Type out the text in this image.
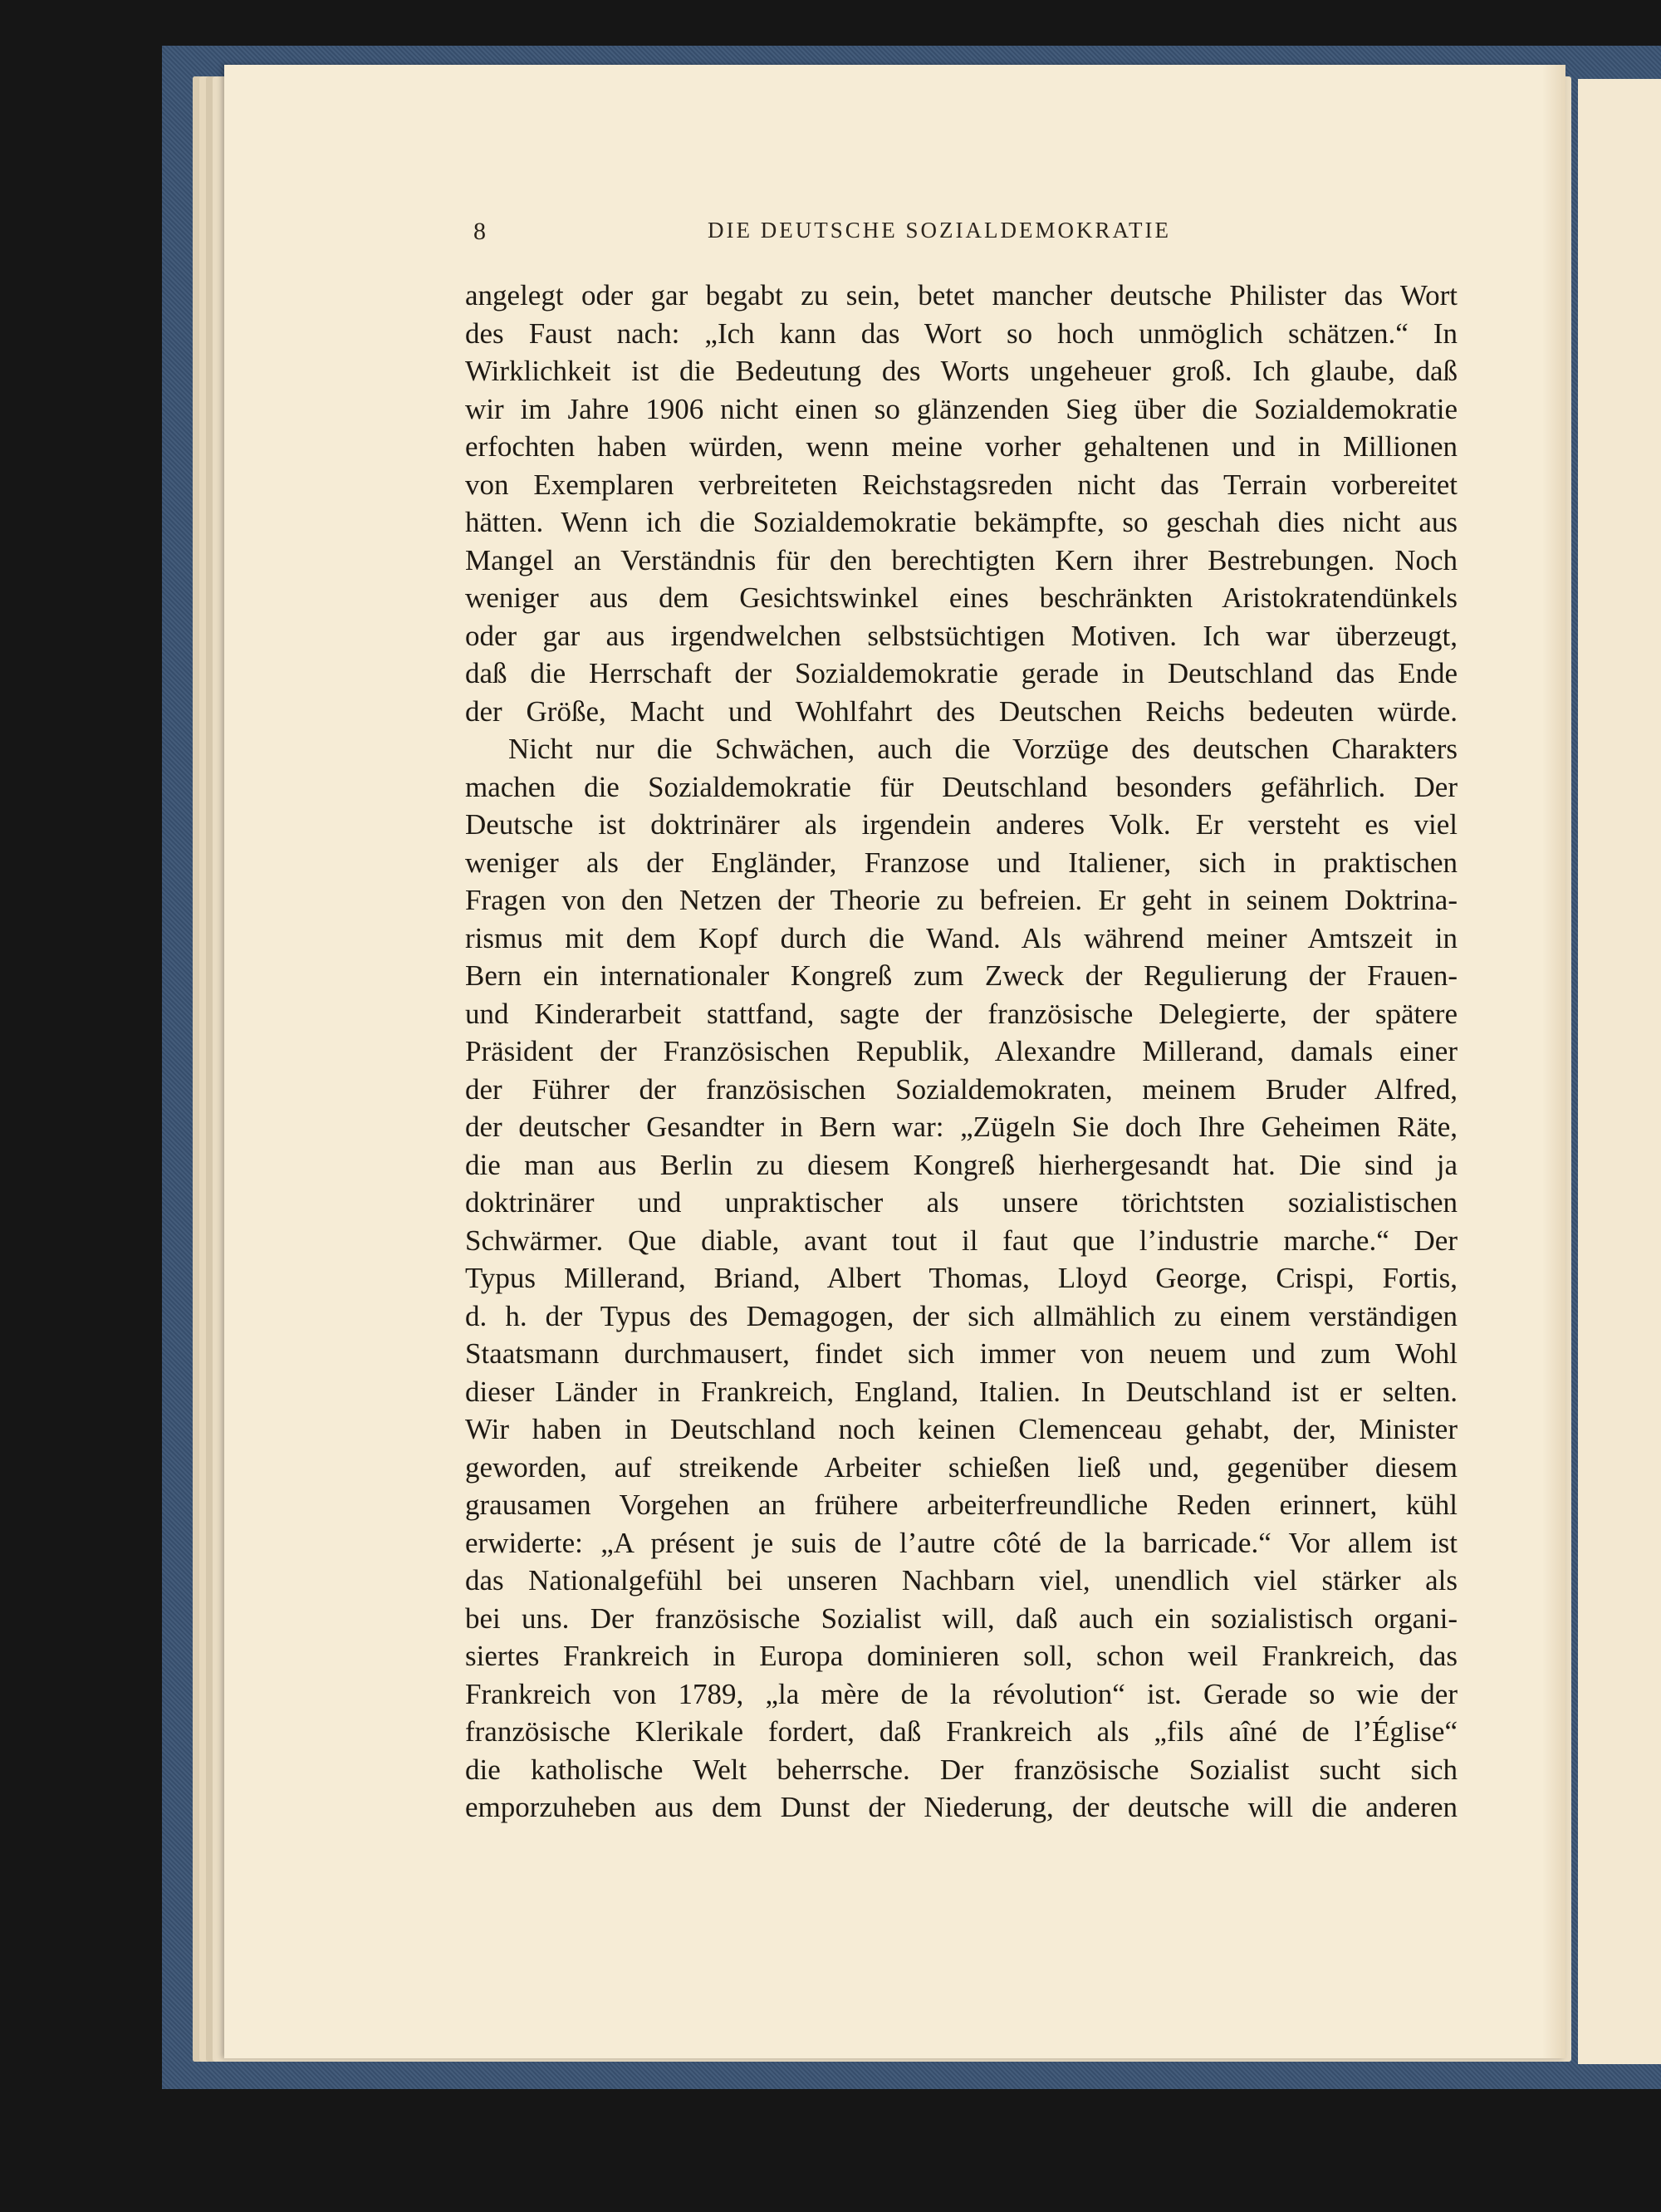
8	DIE DEUTSCHE SOZIALDEMOKRATIE
angelegt oder gar begabt zu sein, betet mancher deutsche Philister das Wort
des Faust nach: „Ich kann das Wort so hoch unmöglich schätzen.“ In
Wirklichkeit ist die Bedeutung des Worts ungeheuer groß. Ich glaube, daß
wir im Jahre 1906 nicht einen so glänzenden Sieg über die Sozialdemokratie
erfochten haben würden, wenn meine vorher gehaltenen und in Millionen
von Exemplaren verbreiteten Reichstagsreden nicht das Terrain vorbereitet
hätten. Wenn ich die Sozialdemokratie bekämpfte, so geschah dies nicht aus
Mangel an Verständnis für den berechtigten Kern ihrer Bestrebungen. Noch
weniger aus dem Gesichtswinkel eines beschränkten Aristokratendünkels
oder gar aus irgendwelchen selbstsüchtigen Motiven. Ich war überzeugt,
daß die Herrschaft der Sozialdemokratie gerade in Deutschland das Ende
der Größe, Macht und Wohlfahrt des Deutschen Reichs bedeuten würde.
Nicht nur die Schwächen, auch die Vorzüge des deutschen Charakters
machen die Sozialdemokratie für Deutschland besonders gefährlich. Der
Deutsche ist doktrinärer als irgendein anderes Volk. Er versteht es viel
weniger als der Engländer, Franzose und Italiener, sich in praktischen
Fragen von den Netzen der Theorie zu befreien. Er geht in seinem Doktrina-
rismus mit dem Kopf durch die Wand. Als während meiner Amtszeit in
Bern ein internationaler Kongreß zum Zweck der Regulierung der Frauen-
und Kinderarbeit stattfand, sagte der französische Delegierte, der spätere
Präsident der Französischen Republik, Alexandre Millerand, damals einer
der Führer der französischen Sozialdemokraten, meinem Bruder Alfred,
der deutscher Gesandter in Bern war: „Zügeln Sie doch Ihre Geheimen Räte,
die man aus Berlin zu diesem Kongreß hierhergesandt hat. Die sind ja
doktrinärer und unpraktischer als unsere törichtsten sozialistischen
Schwärmer. Que diable, avant tout il faut que l’industrie marche.“ Der
Typus Millerand, Briand, Albert Thomas, Lloyd George, Crispi, Fortis,
d. h. der Typus des Demagogen, der sich allmählich zu einem verständigen
Staatsmann durchmausert, findet sich immer von neuem und zum Wohl
dieser Länder in Frankreich, England, Italien. In Deutschland ist er selten.
Wir haben in Deutschland noch keinen Clemenceau gehabt, der, Minister
geworden, auf streikende Arbeiter schießen ließ und, gegenüber diesem
grausamen Vorgehen an frühere arbeiterfreundliche Reden erinnert, kühl
erwiderte: „A présent je suis de l’autre côté de la barricade.“ Vor allem ist
das Nationalgefühl bei unseren Nachbarn viel, unendlich viel stärker als
bei uns. Der französische Sozialist will, daß auch ein sozialistisch organi-
siertes Frankreich in Europa dominieren soll, schon weil Frankreich, das
Frankreich von 1789, „la mère de la révolution“ ist. Gerade so wie der
französische Klerikale fordert, daß Frankreich als „fils aîné de l’Église“
die katholische Welt beherrsche. Der französische Sozialist sucht sich
emporzuheben aus dem Dunst der Niederung, der deutsche will die anderen
